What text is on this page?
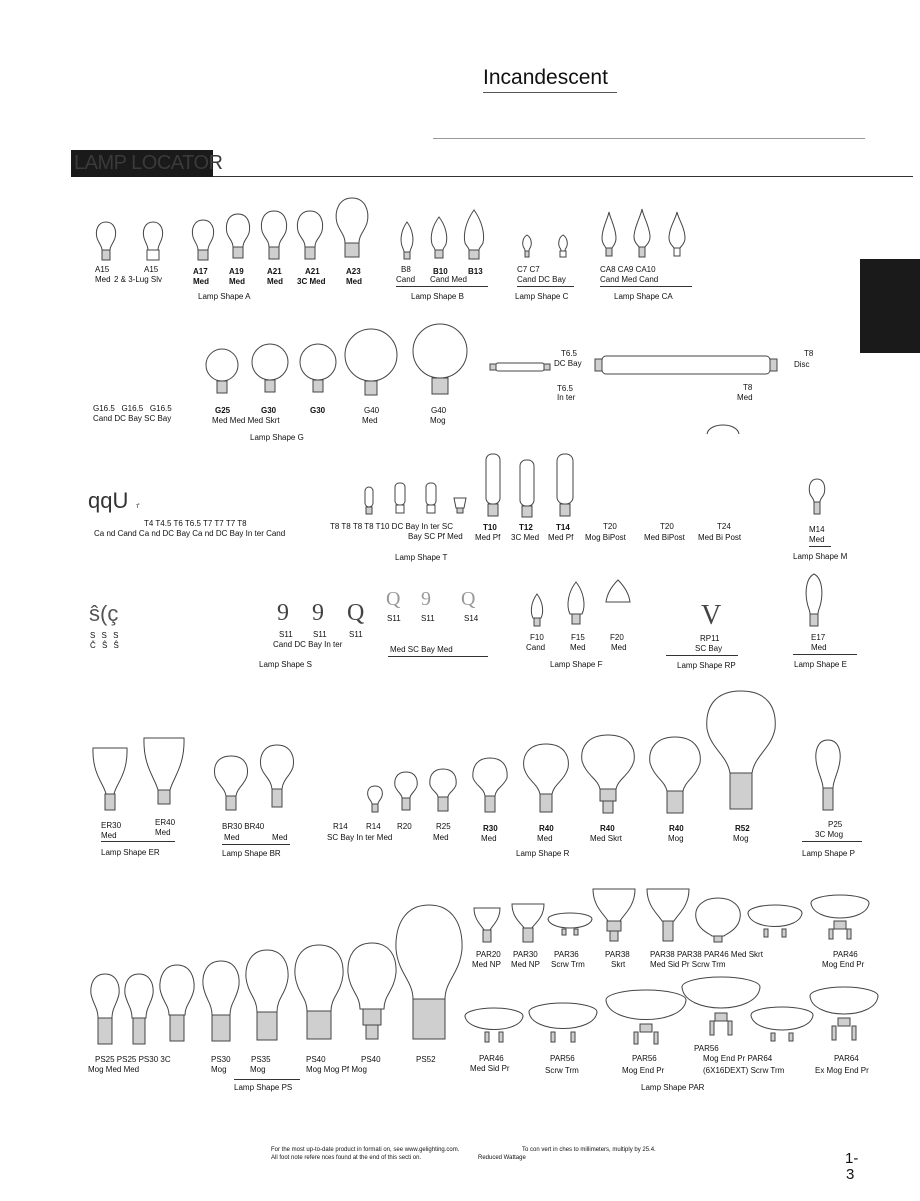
Incandescent
LAMP LOCATOR
A15	A15	A17	A19	A21	A21	A23
Med 2 & 3-Lug Slv	Med	Med	Med 3C Med	Med
Lamp Shape A
B8	B10	B13
Cand Cand Med
Lamp Shape B
C7 C7
Cand DC Bay
Lamp Shape C
CA8 CA9 CA10
Cand Med Cand
Lamp Shape CA
G16.5   G16.5   G16.5
Cand DC Bay SC Bay
G25	G30	G30
Med Med Med Skrt
G40
Med
G40
Mog
Lamp Shape G
T6.5
DC Bay
T6.5
In ter
T8
Disc
T8
Med
qqU т̑
T4 T4.5 T6 T6.5 T7 T7 T7 T8
Ca nd Cand Ca nd DC Bay Ca nd DC Bay In ter Cand
T8 T8 T8 T8 T10 DC Bay In ter SC
Bay SC Pf Med
T10	T12	T14	T20	T20	T24
Med Pf 3C Med Med Pf Mog BiPost Med BiPost Med Bi Post
Lamp Shape T
M14
Med
Lamp Shape M
ŝ(ç
S S S
Č Ŝ Ŝ
9 9 Q
S11	S11	S11
Cand DC Bay In ter
Lamp Shape S
Q 9 Q
S11	S11	S14
Med SC Bay Med
F10	F15	F20
Cand	Med	Med
Lamp Shape F
V
RP11
SC Bay
Lamp Shape RP
E17
Med
Lamp Shape E
ER30
Med
ER40
Med
Lamp Shape ER
BR30 BR40
Med	Med
Lamp Shape BR
R14 R14 R20	R25
SC Bay In ter Med	Med
R30
Med
R40
Med
R40
Med Skrt
R40
Mog
R52
Mog
Lamp Shape R
P25
3C Mog
Lamp Shape P
PAR20
Med NP
PAR30
Med NP
PAR36
Scrw Trm
PAR38
Skrt
PAR38 PAR38 PAR46 Med Skrt
Med Sid Pr Scrw Trm
PAR46
Mog End Pr
PS25 PS25 PS30 3C
Mog Med Med
PS30
Mog
PS35
Mog
PS40	PS40
Mog Mog Pf Mog
PS52
Lamp Shape PS
PAR46
Med Sid Pr
PAR56
Scrw Trm
PAR56
Mog End Pr
PAR56
Mog End Pr PAR64
(6X16DEXT) Scrw Trm
PAR64
Ex Mog End Pr
Lamp Shape PAR
For the most up-to-date product in formati on, see www.gelighting.com.	To con vert in ches to millimeters, multiply by 25.4.
All foot note refere nces found at the end of this secti on.	Reduced Wattage	1-
3
